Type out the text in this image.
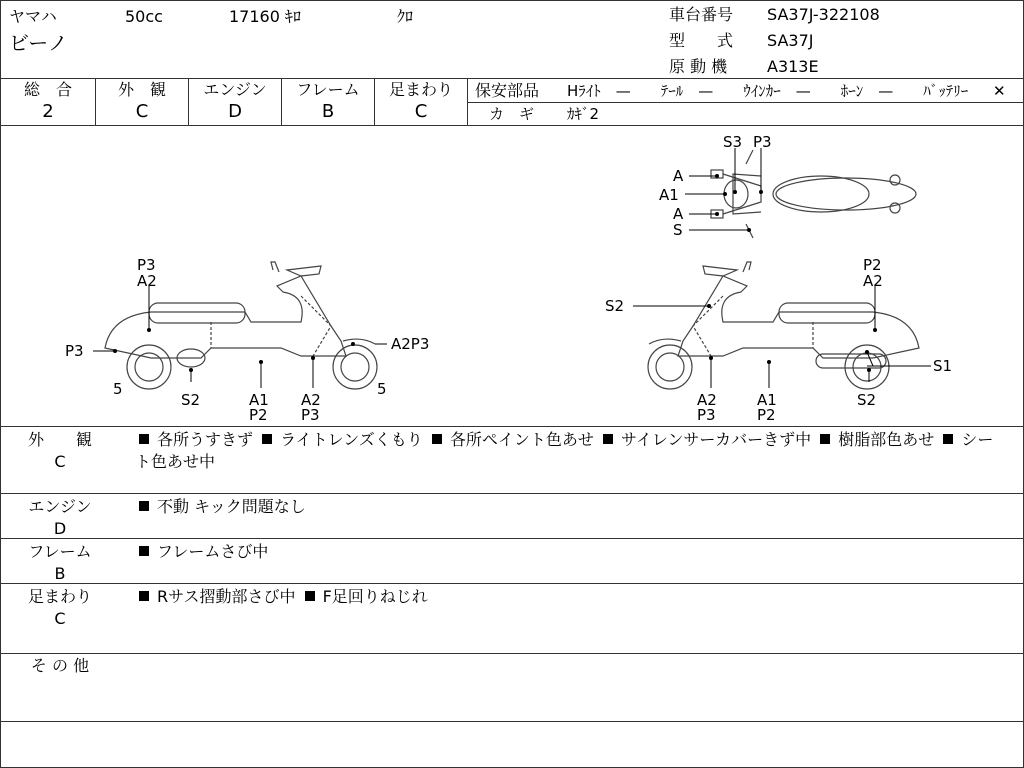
ヤマハ	50cc	17160 ｷﾛ	ｸﾛ
ビーノ
車台番号 SA37J-322108
型　　式 SA37J
原 動 機 A313E
総　合
2
外　観
C
エンジン
D
フレーム
B
足まわり
C
保安部品 Hﾗｲﾄ　—　　ﾃｰﾙ　—　　ｳｲﾝｶｰ　—　　ﾎｰﾝ　—　　ﾊﾞｯﾃﾘｰ ✕
カ　ギ ｶｷﾞ2
S3 P3
A
A1
A
S
P3
A2
P3
5
S2	A1
P2
A2
P3
A2P3
5
S2
P2
A2
S1
A2
P3
A1
P2
S2
外　　観
C
各所うすきず ライトレンズくもり 各所ペイント色あせ サイレンサーカバーきず中 樹脂部色あせ シート色あせ中
エンジン
D
不動 キック問題なし
フレーム
B
フレームさび中
足まわり
C
Rサス摺動部さび中 F足回りねじれ
そ の 他
